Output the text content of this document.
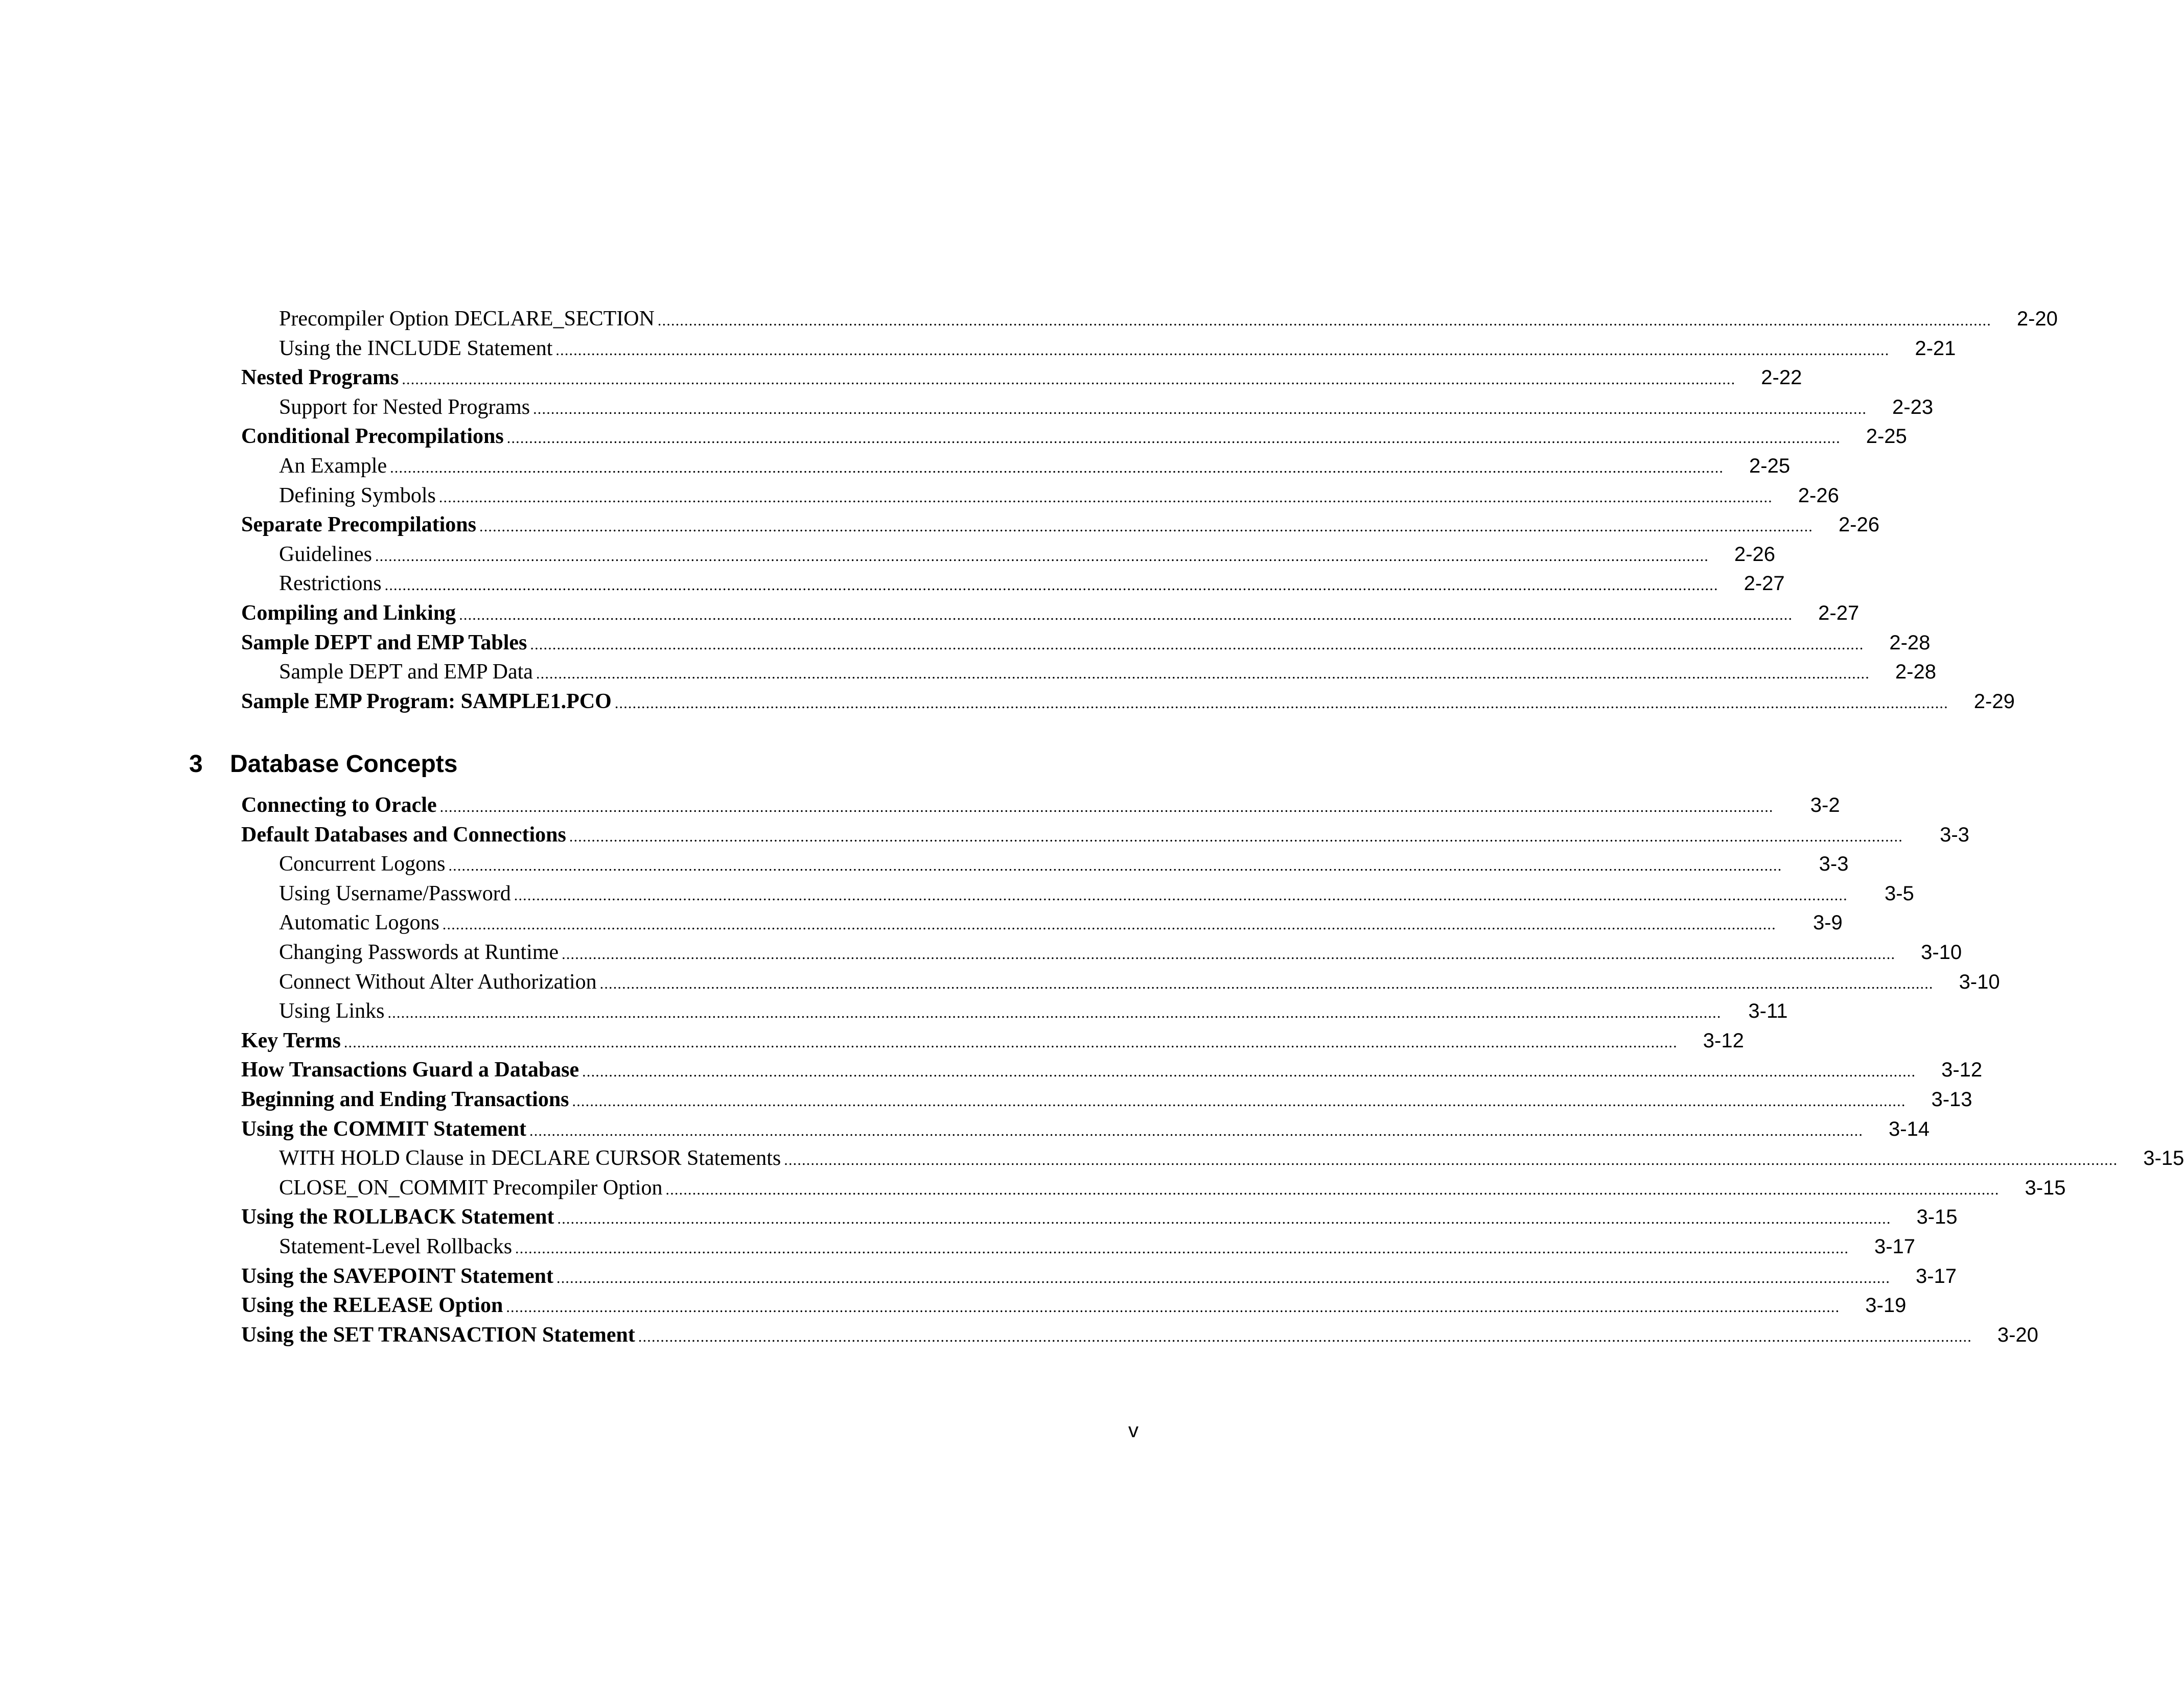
Precompiler Option DECLARE_SECTION ............................................................................................................................................................................................................................................................................................................	2-20
Using the INCLUDE Statement ............................................................................................................................................................................................................................................................................................................	2-21
Nested Programs ............................................................................................................................................................................................................................................................................................................	2-22
Support for Nested Programs ............................................................................................................................................................................................................................................................................................................	2-23
Conditional Precompilations ............................................................................................................................................................................................................................................................................................................	2-25
An Example ............................................................................................................................................................................................................................................................................................................	2-25
Defining Symbols ............................................................................................................................................................................................................................................................................................................	2-26
Separate Precompilations ............................................................................................................................................................................................................................................................................................................	2-26
Guidelines ............................................................................................................................................................................................................................................................................................................	2-26
Restrictions ............................................................................................................................................................................................................................................................................................................	2-27
Compiling and Linking ............................................................................................................................................................................................................................................................................................................	2-27
Sample DEPT and EMP Tables ............................................................................................................................................................................................................................................................................................................	2-28
Sample DEPT and EMP Data ............................................................................................................................................................................................................................................................................................................	2-28
Sample EMP Program: SAMPLE1.PCO ............................................................................................................................................................................................................................................................................................................	2-29
3 Database Concepts
Connecting to Oracle ............................................................................................................................................................................................................................................................................................................	3-2
Default Databases and Connections ............................................................................................................................................................................................................................................................................................................	3-3
Concurrent Logons ............................................................................................................................................................................................................................................................................................................	3-3
Using Username/Password ............................................................................................................................................................................................................................................................................................................	3-5
Automatic Logons ............................................................................................................................................................................................................................................................................................................	3-9
Changing Passwords at Runtime ............................................................................................................................................................................................................................................................................................................	3-10
Connect Without Alter Authorization ............................................................................................................................................................................................................................................................................................................	3-10
Using Links ............................................................................................................................................................................................................................................................................................................	3-11
Key Terms ............................................................................................................................................................................................................................................................................................................	3-12
How Transactions Guard a Database ............................................................................................................................................................................................................................................................................................................	3-12
Beginning and Ending Transactions ............................................................................................................................................................................................................................................................................................................	3-13
Using the COMMIT Statement ............................................................................................................................................................................................................................................................................................................	3-14
WITH HOLD Clause in DECLARE CURSOR Statements ............................................................................................................................................................................................................................................................................................................	3-15
CLOSE_ON_COMMIT Precompiler Option ............................................................................................................................................................................................................................................................................................................	3-15
Using the ROLLBACK Statement ............................................................................................................................................................................................................................................................................................................	3-15
Statement-Level Rollbacks ............................................................................................................................................................................................................................................................................................................	3-17
Using the SAVEPOINT Statement ............................................................................................................................................................................................................................................................................................................	3-17
Using the RELEASE Option ............................................................................................................................................................................................................................................................................................................	3-19
Using the SET TRANSACTION Statement ............................................................................................................................................................................................................................................................................................................	3-20
v
